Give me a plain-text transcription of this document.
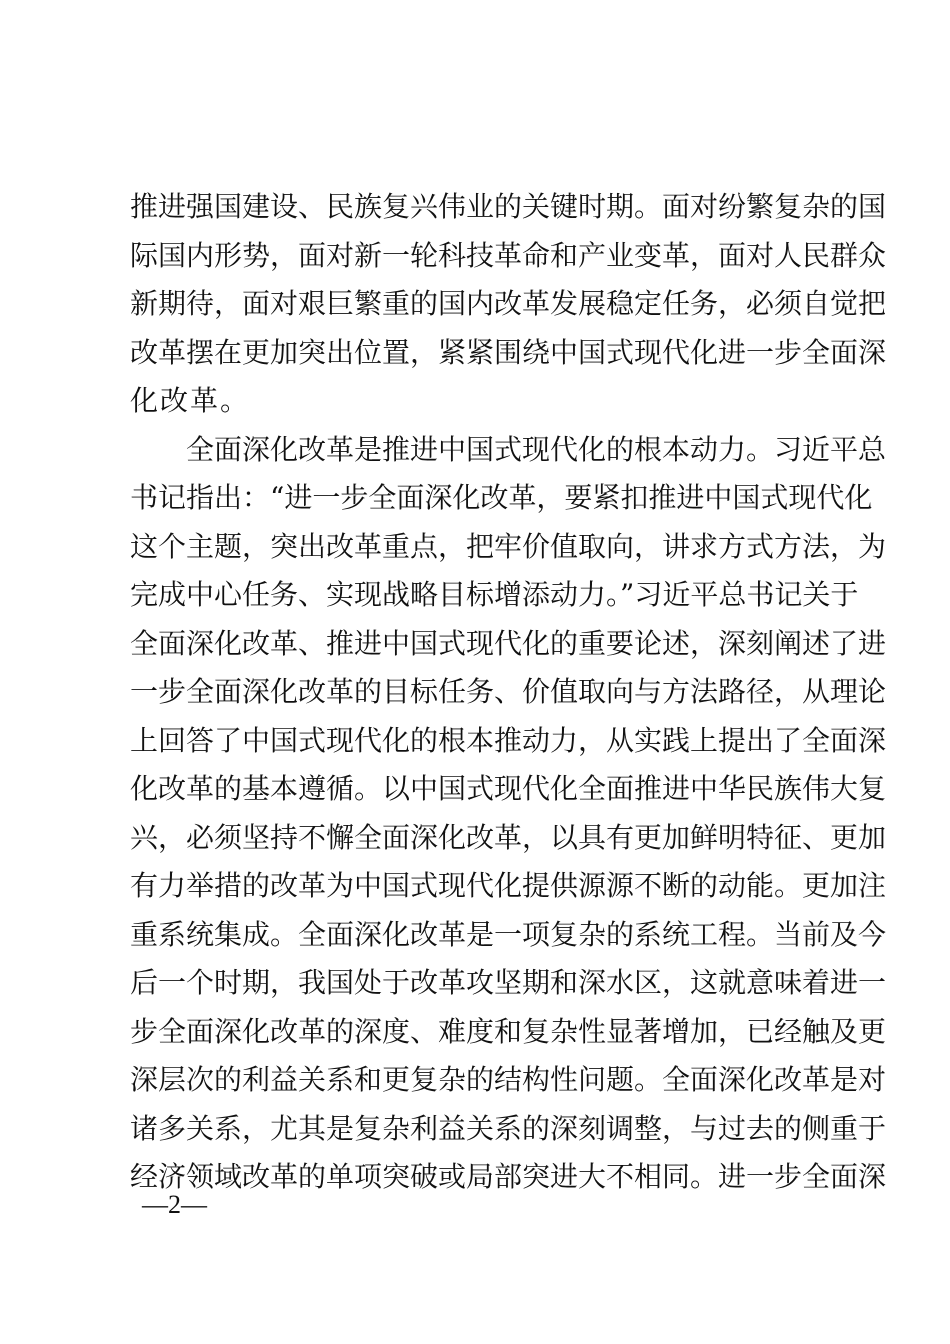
推进强国建设、民族复兴伟业的关键时期。面对纷繁复杂的国
际国内形势，面对新一轮科技革命和产业变革，面对人民群众
新期待，面对艰巨繁重的国内改革发展稳定任务，必须自觉把
改革摆在更加突出位置，紧紧围绕中国式现代化进一步全面深
化改革。
全面深化改革是推进中国式现代化的根本动力。习近平总
书记指出：“进一步全面深化改革，要紧扣推进中国式现代化
这个主题，突出改革重点，把牢价值取向，讲求方式方法，为
完成中心任务、实现战略目标增添动力。”习近平总书记关于
全面深化改革、推进中国式现代化的重要论述，深刻阐述了进
一步全面深化改革的目标任务、价值取向与方法路径，从理论
上回答了中国式现代化的根本推动力，从实践上提出了全面深
化改革的基本遵循。以中国式现代化全面推进中华民族伟大复
兴，必须坚持不懈全面深化改革，以具有更加鲜明特征、更加
有力举措的改革为中国式现代化提供源源不断的动能。更加注
重系统集成。全面深化改革是一项复杂的系统工程。当前及今
后一个时期，我国处于改革攻坚期和深水区，这就意味着进一
步全面深化改革的深度、难度和复杂性显著增加，已经触及更
深层次的利益关系和更复杂的结构性问题。全面深化改革是对
诸多关系，尤其是复杂利益关系的深刻调整，与过去的侧重于
经济领域改革的单项突破或局部突进大不相同。进一步全面深
—2—
